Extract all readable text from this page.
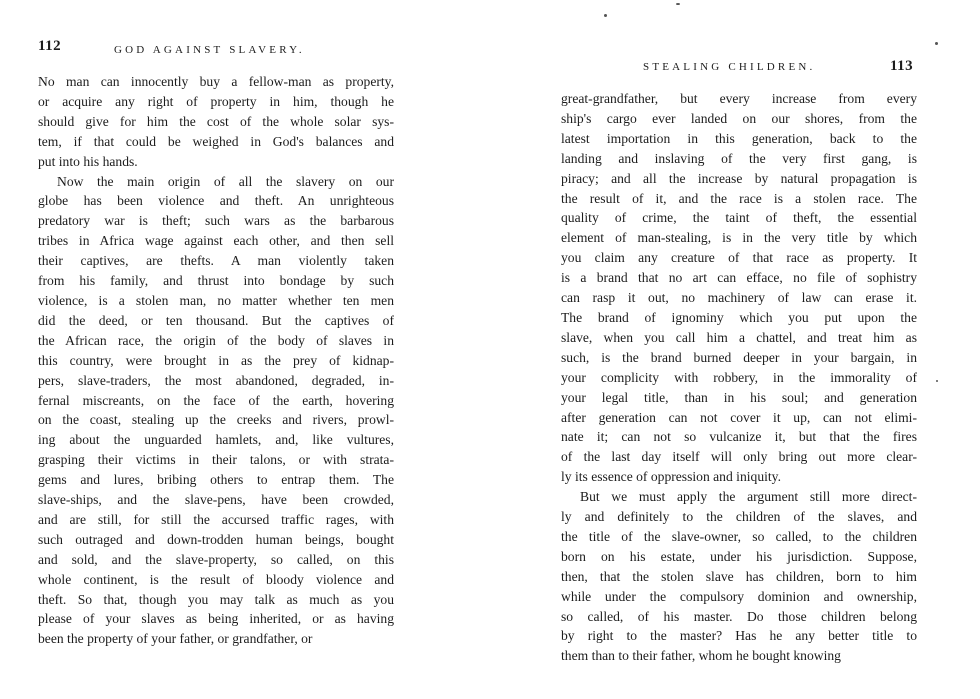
112	GOD AGAINST SLAVERY.
No man can innocently buy a fellow-man as property,
or acquire any right of property in him, though he
should give for him the cost of the whole solar sys-
tem, if that could be weighed in God's balances and
put into his hands.
Now the main origin of all the slavery on our
globe has been violence and theft. An unrighteous
predatory war is theft; such wars as the barbarous
tribes in Africa wage against each other, and then sell
their captives, are thefts. A man violently taken
from his family, and thrust into bondage by such
violence, is a stolen man, no matter whether ten men
did the deed, or ten thousand. But the captives of
the African race, the origin of the body of slaves in
this country, were brought in as the prey of kidnap-
pers, slave-traders, the most abandoned, degraded, in-
fernal miscreants, on the face of the earth, hovering
on the coast, stealing up the creeks and rivers, prowl-
ing about the unguarded hamlets, and, like vultures,
grasping their victims in their talons, or with strata-
gems and lures, bribing others to entrap them. The
slave-ships, and the slave-pens, have been crowded,
and are still, for still the accursed traffic rages, with
such outraged and down-trodden human beings, bought
and sold, and the slave-property, so called, on this
whole continent, is the result of bloody violence and
theft. So that, though you may talk as much as you
please of your slaves as being inherited, or as having
been the property of your father, or grandfather, or
STEALING CHILDREN.	113
great-grandfather, but every increase from every
ship's cargo ever landed on our shores, from the
latest importation in this generation, back to the
landing and inslaving of the very first gang, is
piracy; and all the increase by natural propagation is
the result of it, and the race is a stolen race. The
quality of crime, the taint of theft, the essential
element of man-stealing, is in the very title by which
you claim any creature of that race as property. It
is a brand that no art can efface, no file of sophistry
can rasp it out, no machinery of law can erase it.
The brand of ignominy which you put upon the
slave, when you call him a chattel, and treat him as
such, is the brand burned deeper in your bargain, in
your complicity with robbery, in the immorality of
your legal title, than in his soul; and generation
after generation can not cover it up, can not elimi-
nate it; can not so vulcanize it, but that the fires
of the last day itself will only bring out more clear-
ly its essence of oppression and iniquity.
But we must apply the argument still more direct-
ly and definitely to the children of the slaves, and
the title of the slave-owner, so called, to the children
born on his estate, under his jurisdiction. Suppose,
then, that the stolen slave has children, born to him
while under the compulsory dominion and ownership,
so called, of his master. Do those children belong
by right to the master? Has he any better title to
them than to their father, whom he bought knowing
